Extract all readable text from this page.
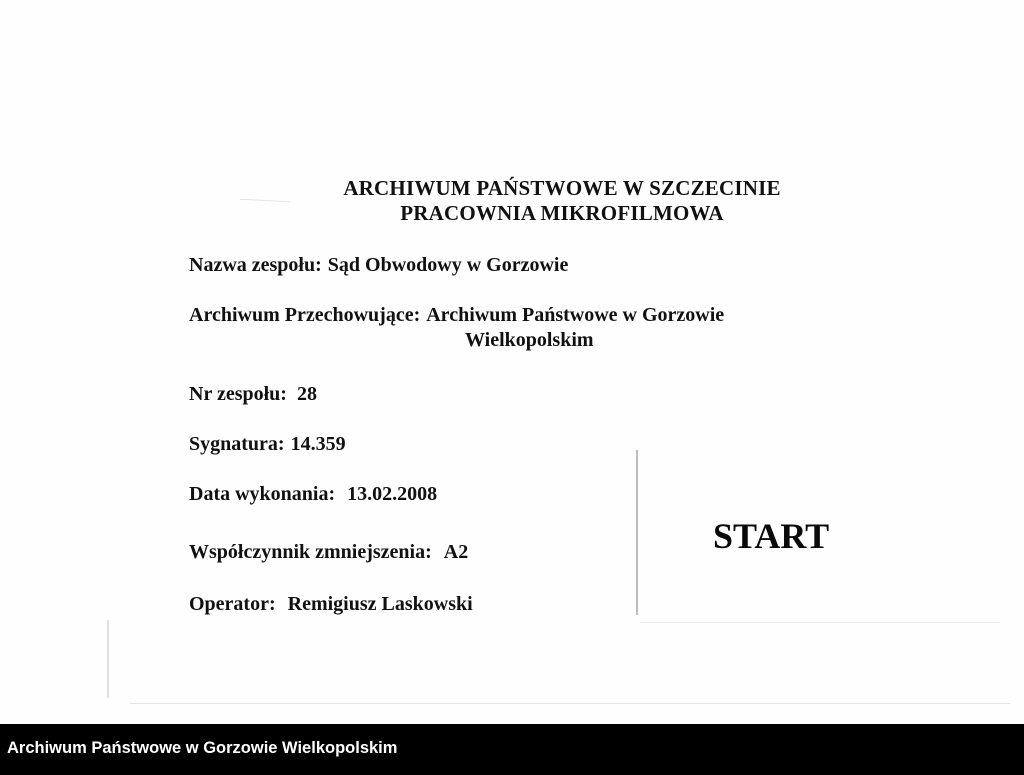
ARCHIWUM PAŃSTWOWE W SZCZECINIE
PRACOWNIA MIKROFILMOWA
Nazwa zespołu: Sąd Obwodowy w Gorzowie
Archiwum Przechowujące: Archiwum Państwowe w Gorzowie
Wielkopolskim
Nr zespołu: 28
Sygnatura: 14.359
Data wykonania: 13.02.2008
Współczynnik zmniejszenia: A2
Operator: Remigiusz Laskowski
START
Archiwum Państwowe w Gorzowie Wielkopolskim
